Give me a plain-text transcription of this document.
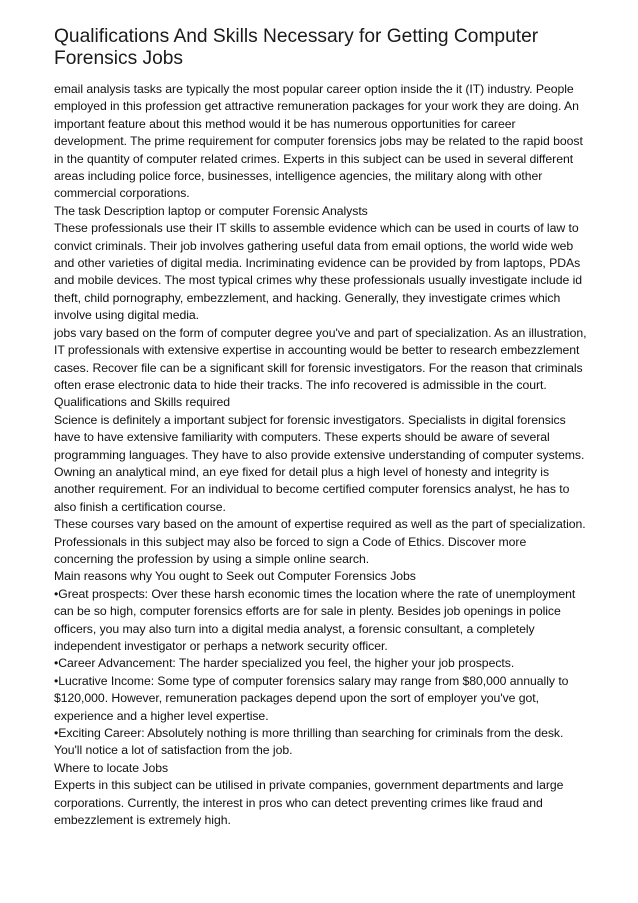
Qualifications And Skills Necessary for Getting Computer Forensics Jobs

email analysis tasks are typically the most popular career option inside the it (IT) industry. People employed in this profession get attractive remuneration packages for your work they are doing. An important feature about this method would it be has numerous opportunities for career development. The prime requirement for computer forensics jobs may be related to the rapid boost in the quantity of computer related crimes. Experts in this subject can be used in several different areas including police force, businesses, intelligence agencies, the military along with other commercial corporations.

The task Description laptop or computer Forensic Analysts

These professionals use their IT skills to assemble evidence which can be used in courts of law to convict criminals. Their job involves gathering useful data from email options, the world wide web and other varieties of digital media. Incriminating evidence can be provided by from laptops, PDAs and mobile devices. The most typical crimes why these professionals usually investigate include id theft, child pornography, embezzlement, and hacking. Generally, they investigate crimes which involve using digital media.

jobs vary based on the form of computer degree you've and part of specialization. As an illustration, IT professionals with extensive expertise in accounting would be better to research embezzlement cases. Recover file can be a significant skill for forensic investigators. For the reason that criminals often erase electronic data to hide their tracks. The info recovered is admissible in the court.

Qualifications and Skills required

Science is definitely a important subject for forensic investigators. Specialists in digital forensics have to have extensive familiarity with computers. These experts should be aware of several programming languages. They have to also provide extensive understanding of computer systems. Owning an analytical mind, an eye fixed for detail plus a high level of honesty and integrity is another requirement. For an individual to become certified computer forensics analyst, he has to also finish a certification course.

These courses vary based on the amount of expertise required as well as the part of specialization. Professionals in this subject may also be forced to sign a Code of Ethics. Discover more concerning the profession by using a simple online search.

Main reasons why You ought to Seek out Computer Forensics Jobs

•Great prospects: Over these harsh economic times the location where the rate of unemployment can be so high, computer forensics efforts are for sale in plenty. Besides job openings in police officers, you may also turn into a digital media analyst, a forensic consultant, a completely independent investigator or perhaps a network security officer.

•Career Advancement: The harder specialized you feel, the higher your job prospects.

•Lucrative Income: Some type of computer forensics salary may range from $80,000 annually to $120,000. However, remuneration packages depend upon the sort of employer you've got, experience and a higher level expertise.

•Exciting Career: Absolutely nothing is more thrilling than searching for criminals from the desk. You'll notice a lot of satisfaction from the job.

Where to locate Jobs

Experts in this subject can be utilised in private companies, government departments and large corporations. Currently, the interest in pros who can detect preventing crimes like fraud and embezzlement is extremely high.
